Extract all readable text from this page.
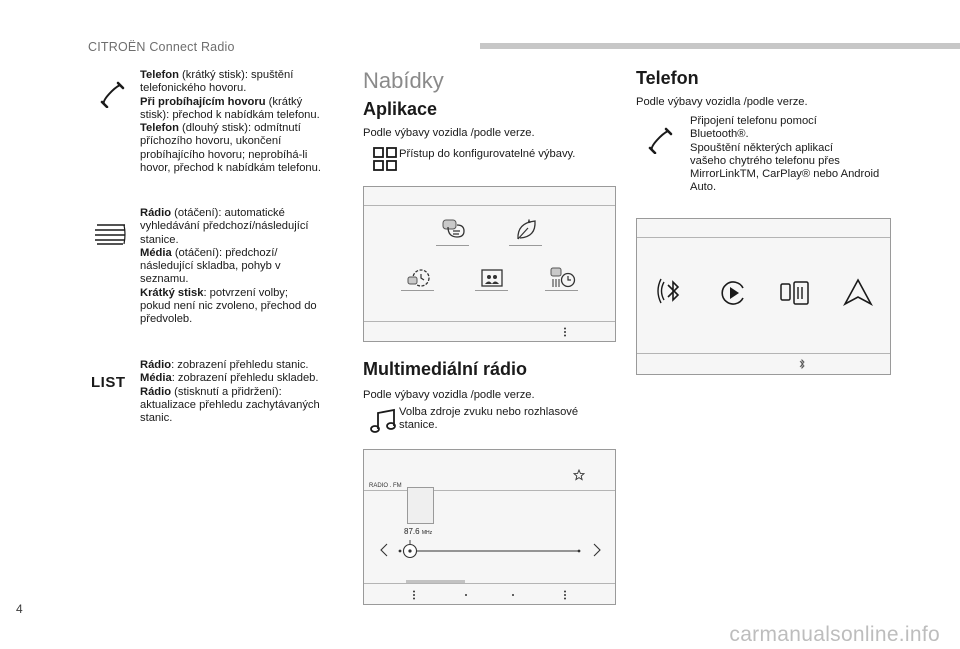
CITROËN Connect Radio
Telefon (krátký stisk): spuštění
telefonického hovoru.
Při probíhajícím hovoru (krátký
stisk): přechod k nabídkám telefonu.
Telefon (dlouhý stisk): odmítnutí
příchozího hovoru, ukončení
probíhajícího hovoru; neprobíhá-li
hovor, přechod k nabídkám telefonu.
Rádio (otáčení): automatické
vyhledávání předchozí/následující
stanice.
Média (otáčení): předchozí/
následující skladba, pohyb v
seznamu.
Krátký stisk: potvrzení volby;
pokud není nic zvoleno, přechod do
předvoleb.
LIST
Rádio: zobrazení přehledu stanic.
Média: zobrazení přehledu skladeb.
Rádio (stisknutí a přidržení):
aktualizace přehledu zachytávaných
stanic.
Nabídky
Aplikace
Podle výbavy vozidla /podle verze.
Přístup do konfigurovatelné výbavy.
Multimediální rádio
Podle výbavy vozidla /podle verze.
Volba zdroje zvuku nebo rozhlasové
stanice.
RADIO . FM
87.6 MHz
Telefon
Podle výbavy vozidla /podle verze.
Připojení telefonu pomocí
Bluetooth®.
Spouštění některých aplikací
vašeho chytrého telefonu přes
MirrorLinkTM, CarPlay® nebo Android
Auto.
4
carmanualsonline.info
